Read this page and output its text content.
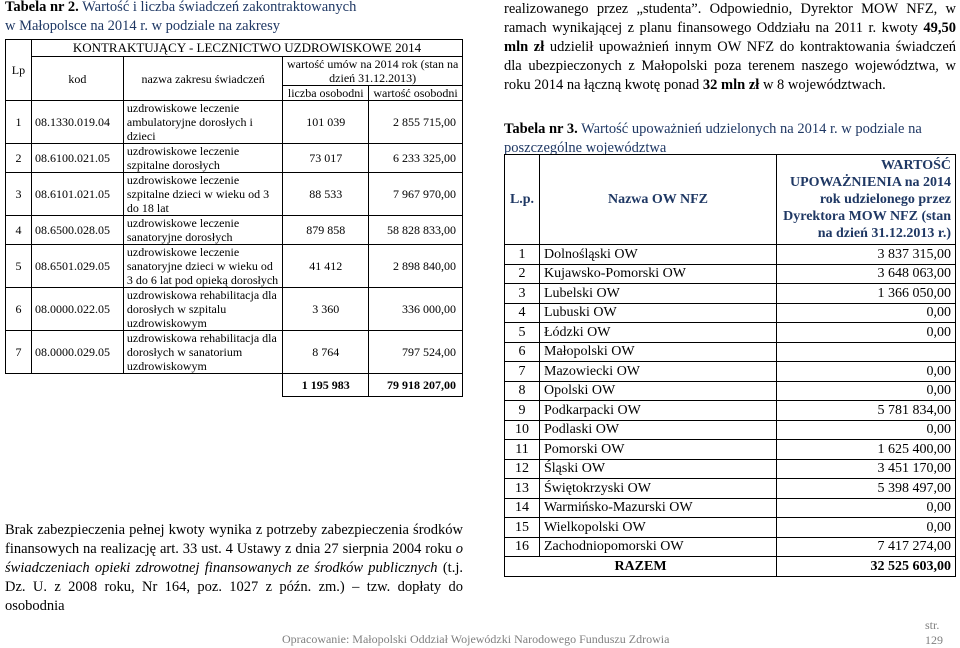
Tabela nr 2. Wartość i liczba świadczeń zakontraktowanych
w Małopolsce na 2014 r. w podziale na zakresy
Lp	KONTRAKTUJĄCY - LECZNICTWO UZDROWISKOWE 2014			
	kod	nazwa zakresu świadczeń	wartość umów na 2014 rok (stan na dzień 31.12.2013)	
			liczba osobodni	wartość osobodni
1	08.1330.019.04	uzdrowiskowe leczenie ambulatoryjne dorosłych i dzieci	101 039	2 855 715,00
2	08.6100.021.05	uzdrowiskowe leczenie szpitalne dorosłych	73 017	6 233 325,00
3	08.6101.021.05	uzdrowiskowe leczenie szpitalne dzieci w wieku od 3 do 18 lat	88 533	7 967 970,00
4	08.6500.028.05	uzdrowiskowe leczenie sanatoryjne dorosłych	879 858	58 828 833,00
5	08.6501.029.05	uzdrowiskowe leczenie sanatoryjne dzieci w wieku od 3 do 6 lat pod opieką dorosłych	41 412	2 898 840,00
6	08.0000.022.05	uzdrowiskowa rehabilitacja dla dorosłych w szpitalu uzdrowiskowym	3 360	336 000,00
7	08.0000.029.05	uzdrowiskowa rehabilitacja dla dorosłych w sanatorium uzdrowiskowym	8 764	797 524,00
			1 195 983	79 918 207,00
Brak zabezpieczenia pełnej kwoty wynika z potrzeby zabezpieczenia środków finansowych na realizację art. 33 ust. 4 Ustawy z dnia 27 sierpnia 2004 roku o świadczeniach opieki zdrowotnej finansowanych ze środków publicznych (t.j. Dz. U. z 2008 roku, Nr 164, poz. 1027 z późn. zm.) – tzw. dopłaty do osobodnia
realizowanego przez „studenta”. Odpowiednio, Dyrektor MOW NFZ, w ramach wynikającej z planu finansowego Oddziału na 2011 r. kwoty 49,50 mln zł udzielił upoważnień innym OW NFZ do kontraktowania świadczeń dla ubezpieczonych z Małopolski poza terenem naszego województwa, w roku 2014 na łączną kwotę ponad 32 mln zł w 8 województwach.
Tabela nr 3. Wartość upoważnień udzielonych na 2014 r. w podziale na poszczególne województwa
L.p.	Nazwa OW NFZ	WARTOŚĆ UPOWAŻNIENIA na 2014 rok udzielonego przez Dyrektora MOW NFZ (stan na dzień 31.12.2013 r.)
1	Dolnośląski OW	3 837 315,00
2	Kujawsko-Pomorski OW	3 648 063,00
3	Lubelski OW	1 366 050,00
4	Lubuski OW	0,00
5	Łódzki OW	0,00
6	Małopolski OW	
7	Mazowiecki OW	0,00
8	Opolski OW	0,00
9	Podkarpacki OW	5 781 834,00
10	Podlaski OW	0,00
11	Pomorski OW	1 625 400,00
12	Śląski OW	3 451 170,00
13	Świętokrzyski OW	5 398 497,00
14	Warmińsko-Mazurski OW	0,00
15	Wielkopolski OW	0,00
16	Zachodniopomorski OW	7 417 274,00
RAZEM		32 525 603,00
Opracowanie: Małopolski Oddział Wojewódzki Narodowego Funduszu Zdrowia
str. 129
